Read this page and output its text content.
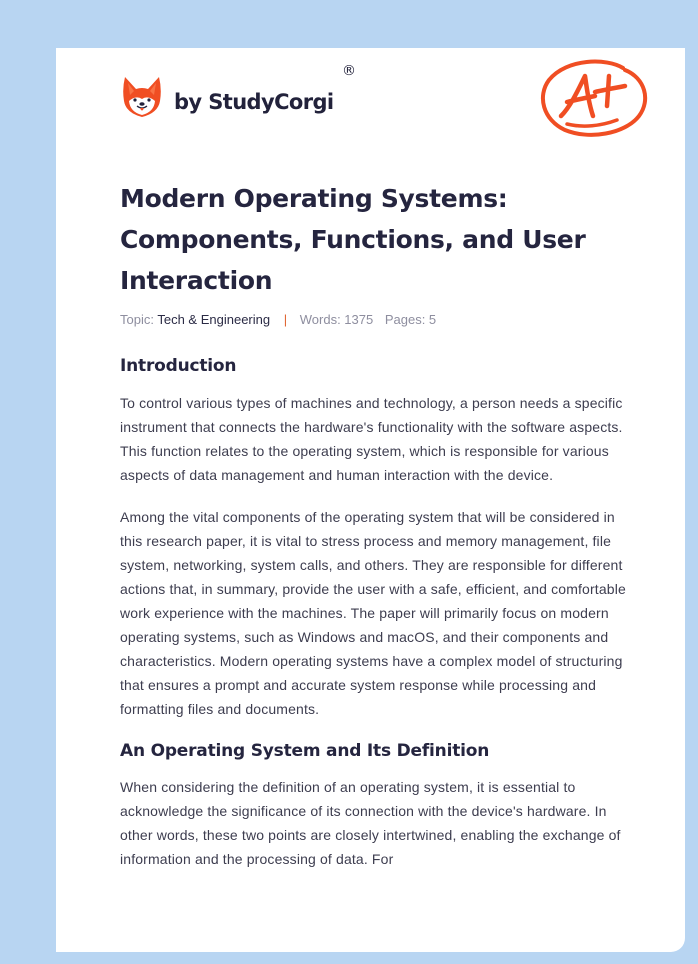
by StudyCorgi
®
Modern Operating Systems: Components, Functions, and User Interaction
Topic: Tech & Engineering | Words: 1375 Pages: 5
Introduction

To control various types of machines and technology, a person needs a specific instrument that connects the hardware's functionality with the software aspects. This function relates to the operating system, which is responsible for various aspects of data management and human interaction with the device.

Among the vital components of the operating system that will be considered in this research paper, it is vital to stress process and memory management, file system, networking, system calls, and others. They are responsible for different actions that, in summary, provide the user with a safe, efficient, and comfortable work experience with the machines. The paper will primarily focus on modern operating systems, such as Windows and macOS, and their components and characteristics. Modern operating systems have a complex model of structuring that ensures a prompt and accurate system response while processing and formatting files and documents.

An Operating System and Its Definition

When considering the definition of an operating system, it is essential to acknowledge the significance of its connection with the device's hardware. In other words, these two points are closely intertwined, enabling the exchange of information and the processing of data. For
